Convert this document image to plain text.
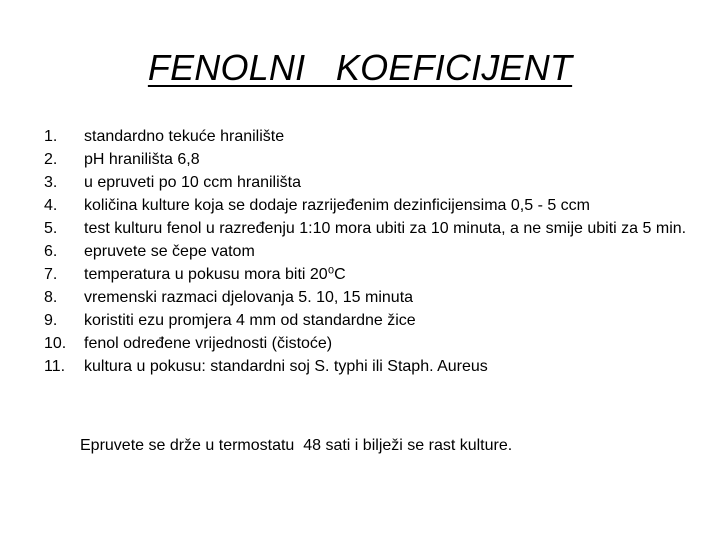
FENOLNI   KOEFICIJENT
1.	standardno tekuće hranilište
2.	pH hranilišta 6,8
3.	u epruveti po 10 ccm hranilišta
4.	količina kulture koja se dodaje razrijeđenim dezinficijensima 0,5 - 5 ccm
5.	test kulturu fenol u razređenju 1:10 mora ubiti za 10 minuta, a ne smije ubiti za 5 min.
6.	epruvete se čepe vatom
7.	temperatura u pokusu mora biti 20⁰C
8.	vremenski razmaci djelovanja 5. 10, 15 minuta
9.	koristiti ezu promjera 4 mm od standardne žice
10.	fenol određene vrijednosti (čistoće)
11.	kultura u pokusu: standardni soj S. typhi ili Staph. Aureus
Epruvete se drže u termostatu  48 sati i bilježi se rast kulture.
